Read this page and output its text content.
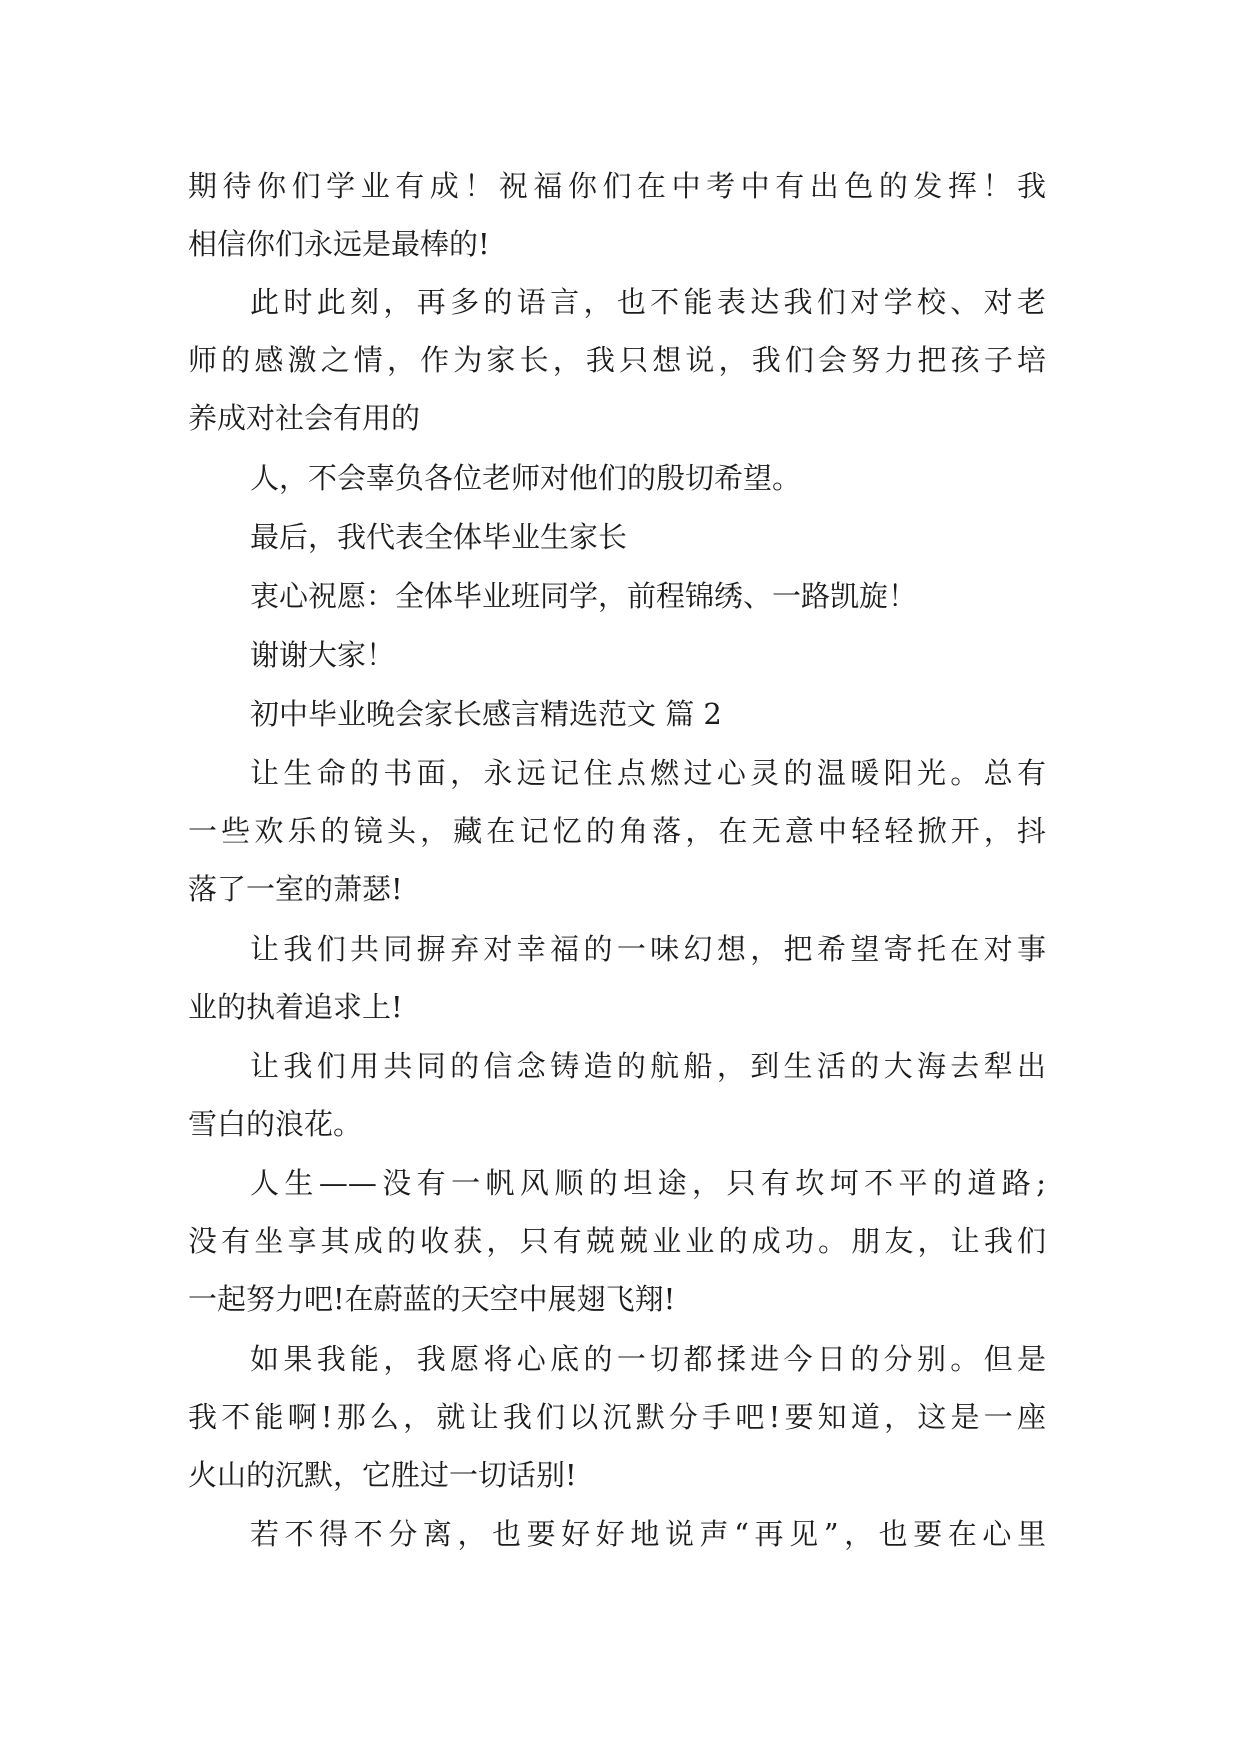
期待你们学业有成！祝福你们在中考中有出色的发挥！我
相信你们永远是最棒的!
此时此刻，再多的语言，也不能表达我们对学校、对老
师的感激之情，作为家长，我只想说，我们会努力把孩子培
养成对社会有用的
人，不会辜负各位老师对他们的殷切希望。
最后，我代表全体毕业生家长
衷心祝愿：全体毕业班同学，前程锦绣、一路凯旋！
谢谢大家！
初中毕业晚会家长感言精选范文 篇 2
让生命的书面，永远记住点燃过心灵的温暖阳光。总有
一些欢乐的镜头，藏在记忆的角落，在无意中轻轻掀开，抖
落了一室的萧瑟!
让我们共同摒弃对幸福的一味幻想，把希望寄托在对事
业的执着追求上!
让我们用共同的信念铸造的航船，到生活的大海去犁出
雪白的浪花。
人生——没有一帆风顺的坦途，只有坎坷不平的道路;
没有坐享其成的收获，只有兢兢业业的成功。朋友，让我们
一起努力吧!在蔚蓝的天空中展翅飞翔!
如果我能，我愿将心底的一切都揉进今日的分别。但是
我不能啊!那么，就让我们以沉默分手吧!要知道，这是一座
火山的沉默，它胜过一切话别!
若不得不分离，也要好好地说声“再见”，也要在心里
